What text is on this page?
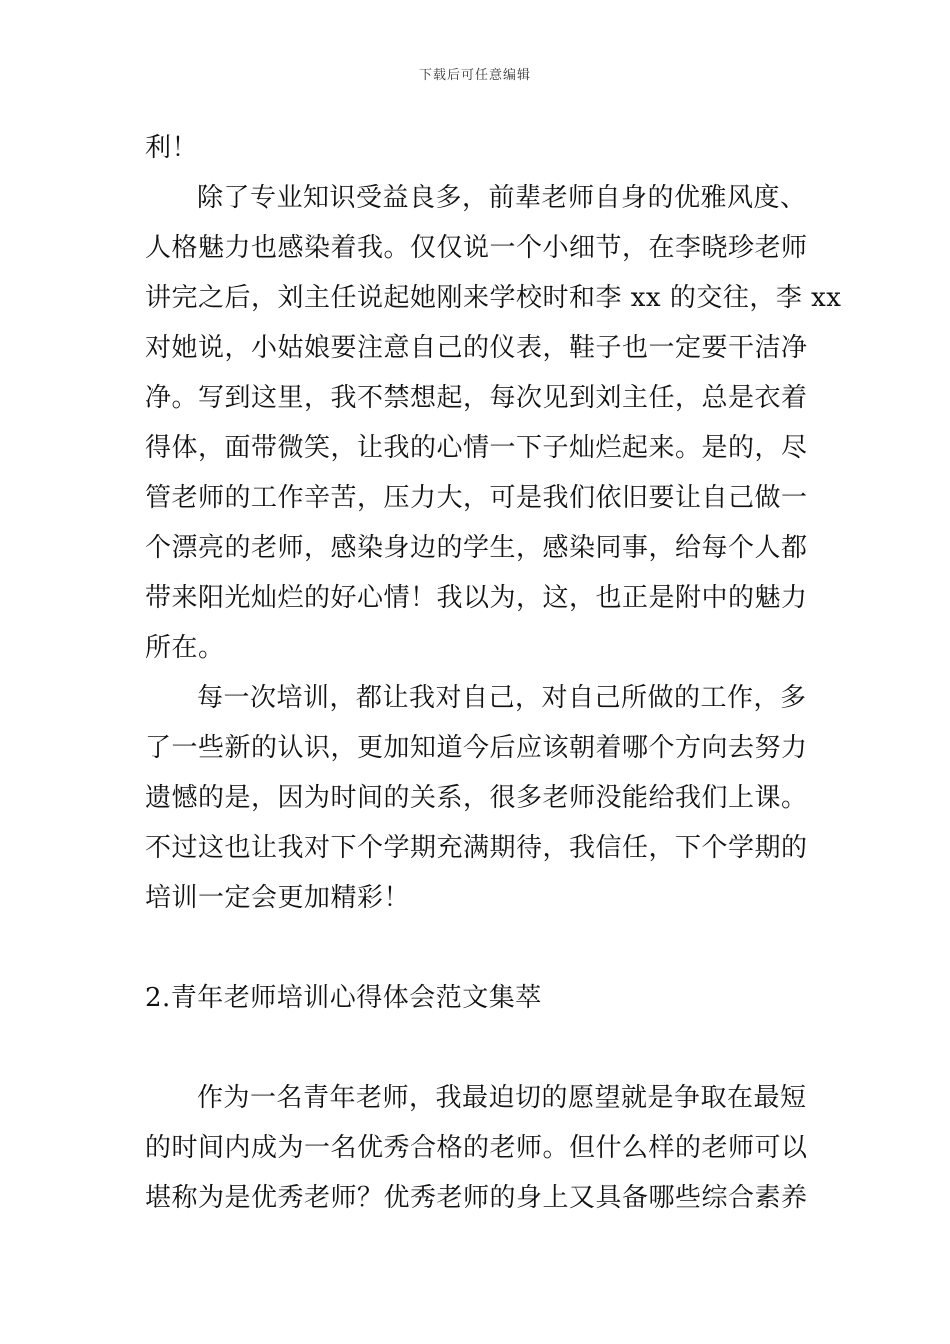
下载后可任意编辑
利！
除了专业知识受益良多，前辈老师自身的优雅风度、
人格魅力也感染着我。仅仅说一个小细节，在李晓珍老师
讲完之后，刘主任说起她刚来学校时和李 xx 的交往，李 xx
对她说，小姑娘要注意自己的仪表，鞋子也一定要干洁净
净。写到这里，我不禁想起，每次见到刘主任，总是衣着
得体，面带微笑，让我的心情一下子灿烂起来。是的，尽
管老师的工作辛苦，压力大，可是我们依旧要让自己做一
个漂亮的老师，感染身边的学生，感染同事，给每个人都
带来阳光灿烂的好心情！我以为，这，也正是附中的魅力
所在。
每一次培训，都让我对自己，对自己所做的工作，多
了一些新的认识，更加知道今后应该朝着哪个方向去努力
遗憾的是，因为时间的关系，很多老师没能给我们上课。
不过这也让我对下个学期充满期待，我信任，下个学期的
培训一定会更加精彩！
2.青年老师培训心得体会范文集萃
作为一名青年老师，我最迫切的愿望就是争取在最短
的时间内成为一名优秀合格的老师。但什么样的老师可以
堪称为是优秀老师？优秀老师的身上又具备哪些综合素养
